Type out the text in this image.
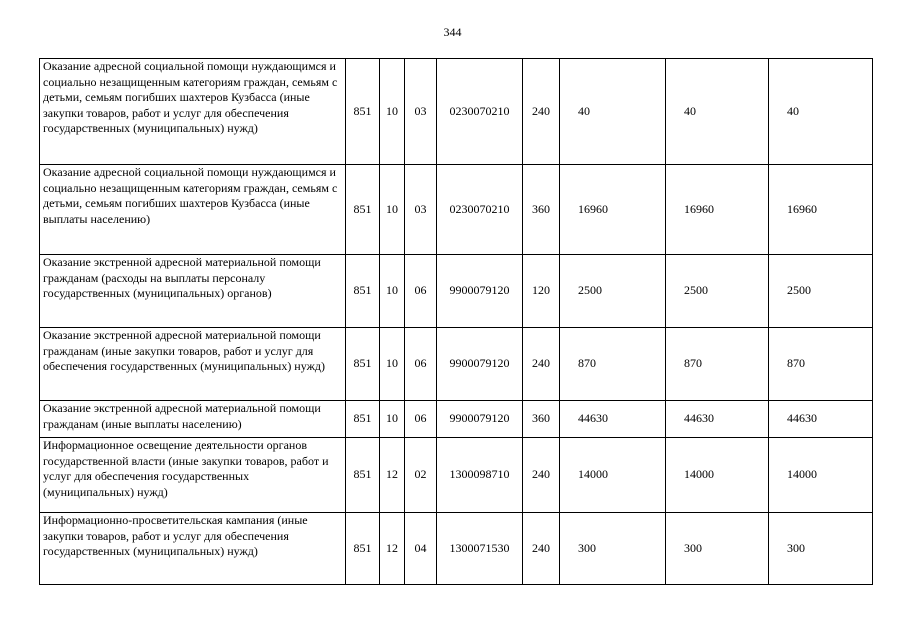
344
Оказание адресной социальной помощи нуждающимся и социально незащищенным категориям граждан, семьям с детьми, семьям погибших шахтеров Кузбасса (иные закупки товаров, работ и услуг для обеспечения государственных (муниципальных) нужд)	851	10	03	0230070210	240	40	40	40
Оказание адресной социальной помощи нуждающимся и социально незащищенным категориям граждан, семьям с детьми, семьям погибших шахтеров Кузбасса (иные выплаты населению)	851	10	03	0230070210	360	16960	16960	16960
Оказание экстренной адресной материальной помощи гражданам (расходы на выплаты персоналу государственных (муниципальных) органов)	851	10	06	9900079120	120	2500	2500	2500
Оказание экстренной адресной материальной помощи гражданам (иные закупки товаров, работ и услуг для обеспечения государственных (муниципальных) нужд)	851	10	06	9900079120	240	870	870	870
Оказание экстренной адресной материальной помощи гражданам (иные выплаты населению)	851	10	06	9900079120	360	44630	44630	44630
Информационное освещение деятельности органов государственной власти (иные закупки товаров, работ и услуг для обеспечения государственных (муниципальных) нужд)	851	12	02	1300098710	240	14000	14000	14000
Информационно-просветительская кампания (иные закупки товаров, работ и услуг для обеспечения государственных (муниципальных) нужд)	851	12	04	1300071530	240	300	300	300
